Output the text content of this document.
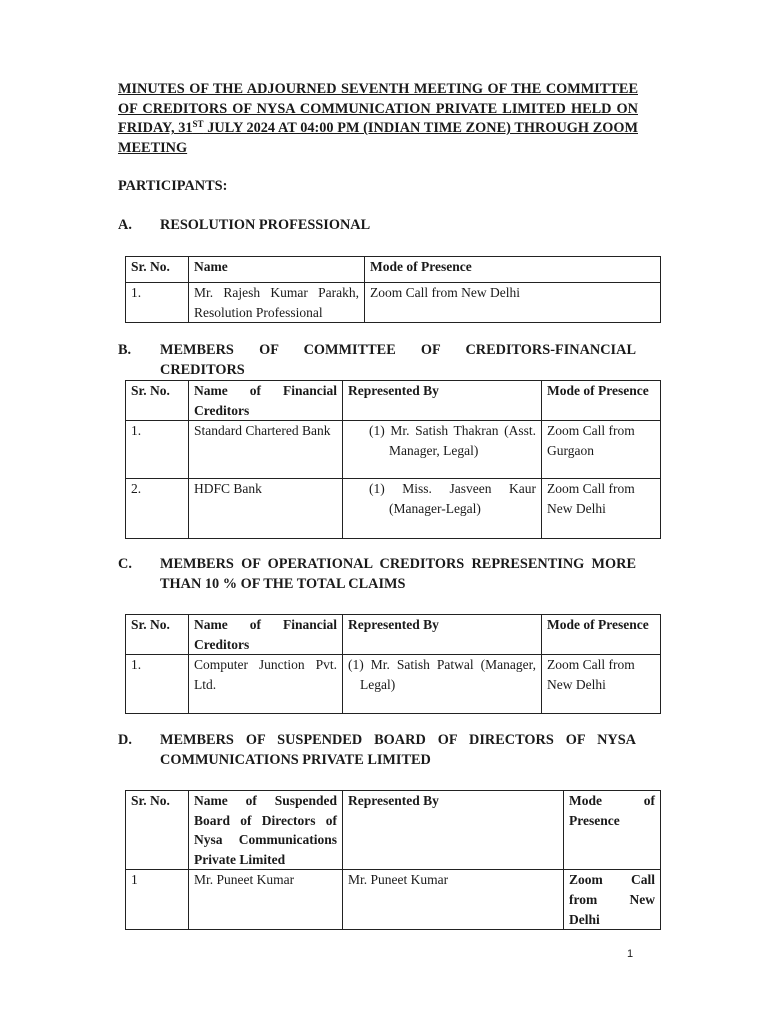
MINUTES OF THE ADJOURNED SEVENTH MEETING OF THE COMMITTEE OF CREDITORS OF NYSA COMMUNICATION PRIVATE LIMITED HELD ON FRIDAY, 31ST JULY 2024 AT 04:00 PM (INDIAN TIME ZONE) THROUGH ZOOM MEETING
PARTICIPANTS:
A. RESOLUTION PROFESSIONAL
Sr. No.	Name	Mode of Presence
1.	Mr. Rajesh Kumar Parakh, Resolution Professional	Zoom Call from New Delhi
B. MEMBERS OF COMMITTEE OF CREDITORS-FINANCIAL CREDITORS
Sr. No.	Name of Financial Creditors	Represented By	Mode of Presence
1.	Standard Chartered Bank	(1) Mr. Satish Thakran (Asst. Manager, Legal)	Zoom Call from Gurgaon
2.	HDFC Bank	(1) Miss. Jasveen Kaur (Manager-Legal)	Zoom Call from New Delhi
C. MEMBERS OF OPERATIONAL CREDITORS REPRESENTING MORE THAN 10 % OF THE TOTAL CLAIMS
Sr. No.	Name of Financial Creditors	Represented By	Mode of Presence
1.	Computer Junction Pvt. Ltd.	(1) Mr. Satish Patwal (Manager, Legal)	Zoom Call from New Delhi
D. MEMBERS OF SUSPENDED BOARD OF DIRECTORS OF NYSA COMMUNICATIONS PRIVATE LIMITED
Sr. No.	Name of Suspended Board of Directors of Nysa Communications Private Limited	Represented By	Mode of Presence
1	Mr. Puneet Kumar	Mr. Puneet Kumar	Zoom Call from New Delhi
1
